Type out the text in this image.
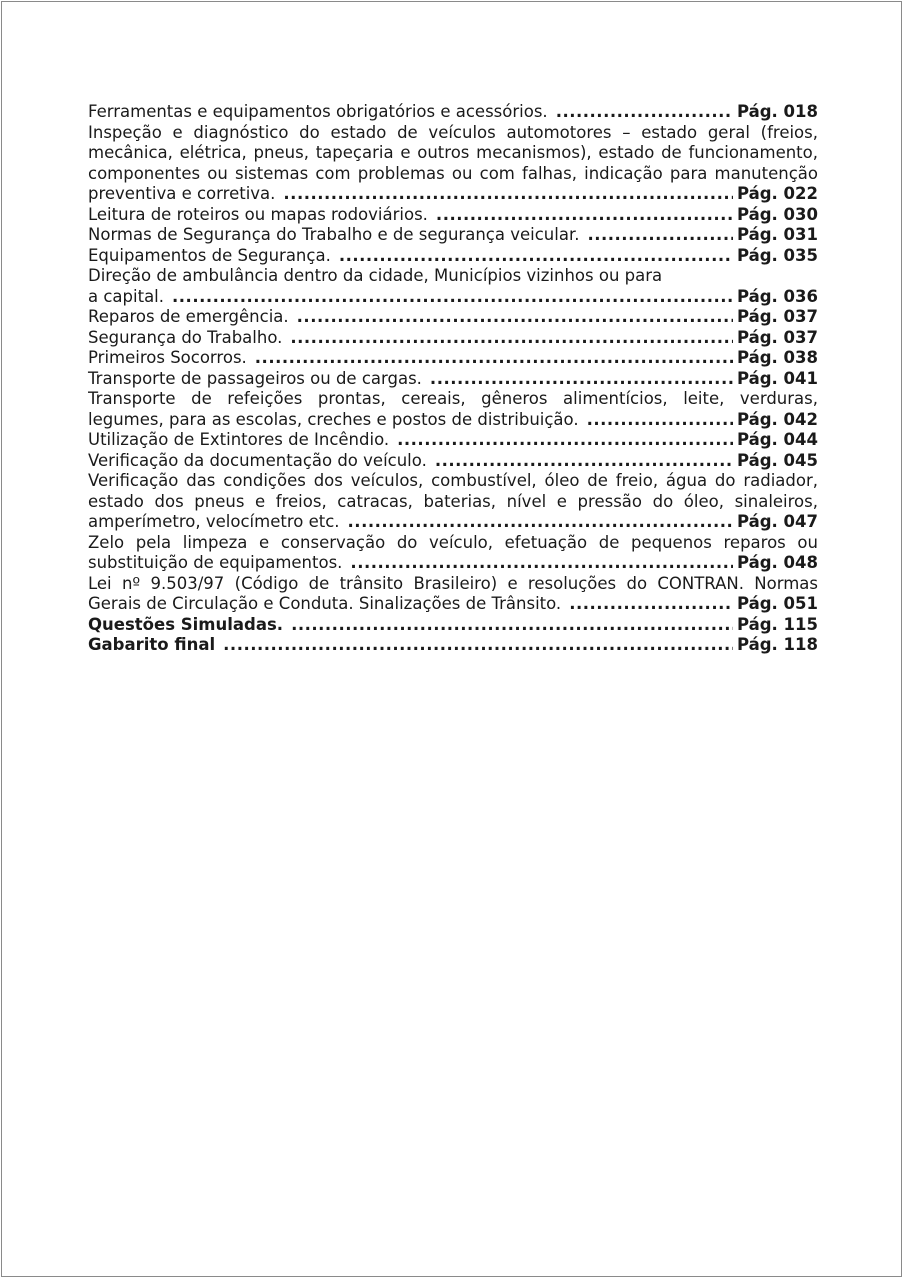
Ferramentas e equipamentos obrigatórios e acessórios. .....	Pág. 018
Inspeção e diagnóstico do estado de veículos automotores – estado geral (freios,
mecânica, elétrica, pneus, tapeçaria e outros mecanismos), estado de funcionamento,
componentes ou sistemas com problemas ou com falhas, indicação para manutenção
preventiva e corretiva. .....	Pág. 022
Leitura de roteiros ou mapas rodoviários. .....	Pág. 030
Normas de Segurança do Trabalho e de segurança veicular. .....	Pág. 031
Equipamentos de Segurança. .....	Pág. 035
Direção de ambulância dentro da cidade, Municípios vizinhos ou para
a capital. .....	Pág. 036
Reparos de emergência. .....	Pág. 037
Segurança do Trabalho. .....	Pág. 037
Primeiros Socorros. .....	Pág. 038
Transporte de passageiros ou de cargas. .....	Pág. 041
Transporte de refeições prontas, cereais, gêneros alimentícios, leite, verduras,
legumes, para as escolas, creches e postos de distribuição. .....	Pág. 042
Utilização de Extintores de Incêndio. .....	Pág. 044
Verificação da documentação do veículo. .....	Pág. 045
Verificação das condições dos veículos, combustível, óleo de freio, água do radiador,
estado dos pneus e freios, catracas, baterias, nível e pressão do óleo, sinaleiros,
amperímetro, velocímetro etc. .....	Pág. 047
Zelo pela limpeza e conservação do veículo, efetuação de pequenos reparos ou
substituição de equipamentos. .....	Pág. 048
Lei nº 9.503/97 (Código de trânsito Brasileiro) e resoluções do CONTRAN. Normas
Gerais de Circulação e Conduta. Sinalizações de Trânsito. .....	Pág. 051
Questões Simuladas. .....	Pág. 115
Gabarito final .....	Pág. 118
